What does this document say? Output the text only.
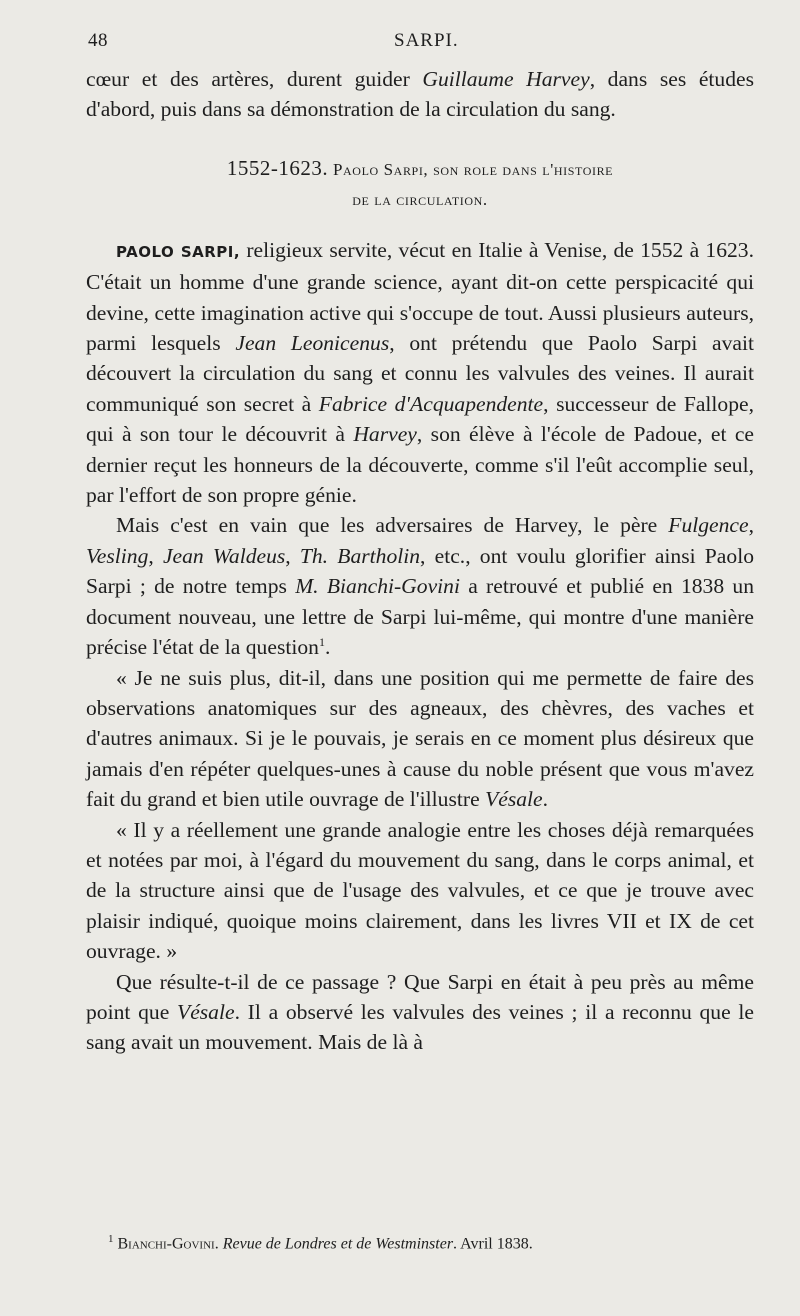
48	SARPI.

cœur et des artères, durent guider Guillaume Harvey, dans ses études d'abord, puis dans sa démonstration de la circulation du sang.

1552-1623. Paolo Sarpi, son role dans l'histoire
de la circulation.

PAOLO SARPI, religieux servite, vécut en Italie à Venise, de 1552 à 1623. C'était un homme d'une grande science, ayant dit-on cette perspicacité qui devine, cette imagination active qui s'occupe de tout. Aussi plusieurs auteurs, parmi lesquels Jean Leonicenus, ont prétendu que Paolo Sarpi avait découvert la circulation du sang et connu les valvules des veines. Il aurait communiqué son secret à Fabrice d'Acquapendente, successeur de Fallope, qui à son tour le découvrit à Harvey, son élève à l'école de Padoue, et ce dernier reçut les honneurs de la découverte, comme s'il l'eût accomplie seul, par l'effort de son propre génie.

Mais c'est en vain que les adversaires de Harvey, le père Fulgence, Vesling, Jean Waldeus, Th. Bartholin, etc., ont voulu glorifier ainsi Paolo Sarpi ; de notre temps M. Bianchi-Govini a retrouvé et publié en 1838 un document nouveau, une lettre de Sarpi lui-même, qui montre d'une manière précise l'état de la question$^1$.

« Je ne suis plus, dit-il, dans une position qui me permette de faire des observations anatomiques sur des agneaux, des chèvres, des vaches et d'autres animaux. Si je le pouvais, je serais en ce moment plus désireux que jamais d'en répéter quelques-unes à cause du noble présent que vous m'avez fait du grand et bien utile ouvrage de l'illustre Vésale.

« Il y a réellement une grande analogie entre les choses déjà remarquées et notées par moi, à l'égard du mouvement du sang, dans le corps animal, et de la structure ainsi que de l'usage des valvules, et ce que je trouve avec plaisir indiqué, quoique moins clairement, dans les livres VII et IX de cet ouvrage. »

Que résulte-t-il de ce passage ? Que Sarpi en était à peu près au même point que Vésale. Il a observé les valvules des veines ; il a reconnu que le sang avait un mouvement. Mais de là à

$^1$ Bianchi-Govini. Revue de Londres et de Westminster. Avril 1838.
